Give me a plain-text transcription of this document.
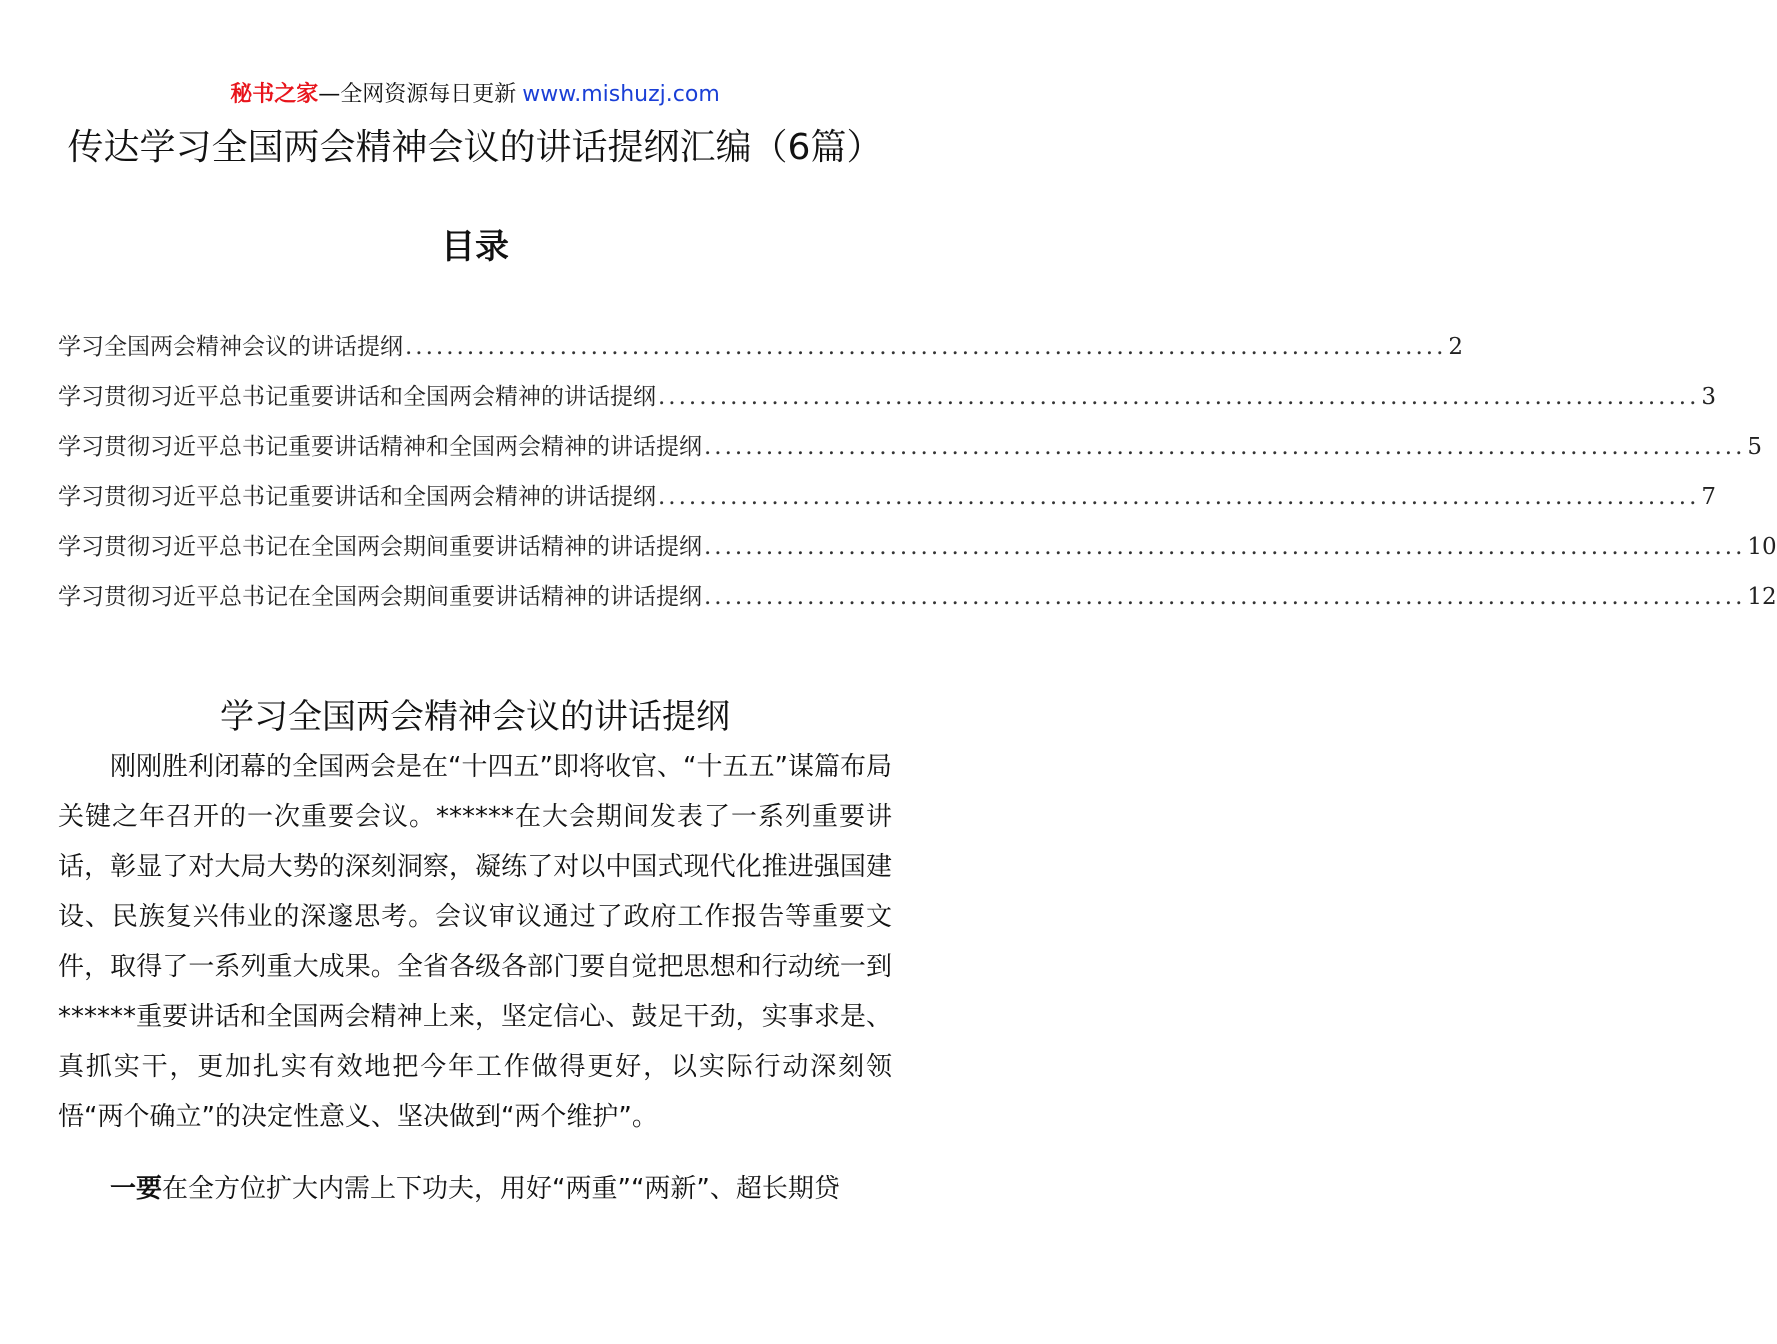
秘书之家—全网资源每日更新 www.mishuzj.com
传达学习全国两会精神会议的讲话提纲汇编（6篇）
目录
学习全国两会精神会议的讲话提纲 ..................................................................................................... 2
学习贯彻习近平总书记重要讲话和全国两会精神的讲话提纲 ..................................................................................................... 3
学习贯彻习近平总书记重要讲话精神和全国两会精神的讲话提纲 ..................................................................................................... 5
学习贯彻习近平总书记重要讲话和全国两会精神的讲话提纲 ..................................................................................................... 7
学习贯彻习近平总书记在全国两会期间重要讲话精神的讲话提纲 ..................................................................................................... 10
学习贯彻习近平总书记在全国两会期间重要讲话精神的讲话提纲 ..................................................................................................... 12
学习全国两会精神会议的讲话提纲

刚刚胜利闭幕的全国两会是在“十四五”即将收官、“十五五”谋篇布局关键之年召开的一次重要会议。******在大会期间发表了一系列重要讲话，彰显了对大局大势的深刻洞察，凝练了对以中国式现代化推进强国建设、民族复兴伟业的深邃思考。会议审议通过了政府工作报告等重要文件，取得了一系列重大成果。全省各级各部门要自觉把思想和行动统一到******重要讲话和全国两会精神上来，坚定信心、鼓足干劲，实事求是、真抓实干，更加扎实有效地把今年工作做得更好，以实际行动深刻领悟“两个确立”的决定性意义、坚决做到“两个维护”。

一要在全方位扩大内需上下功夫，用好“两重”“两新”、超长期贷
